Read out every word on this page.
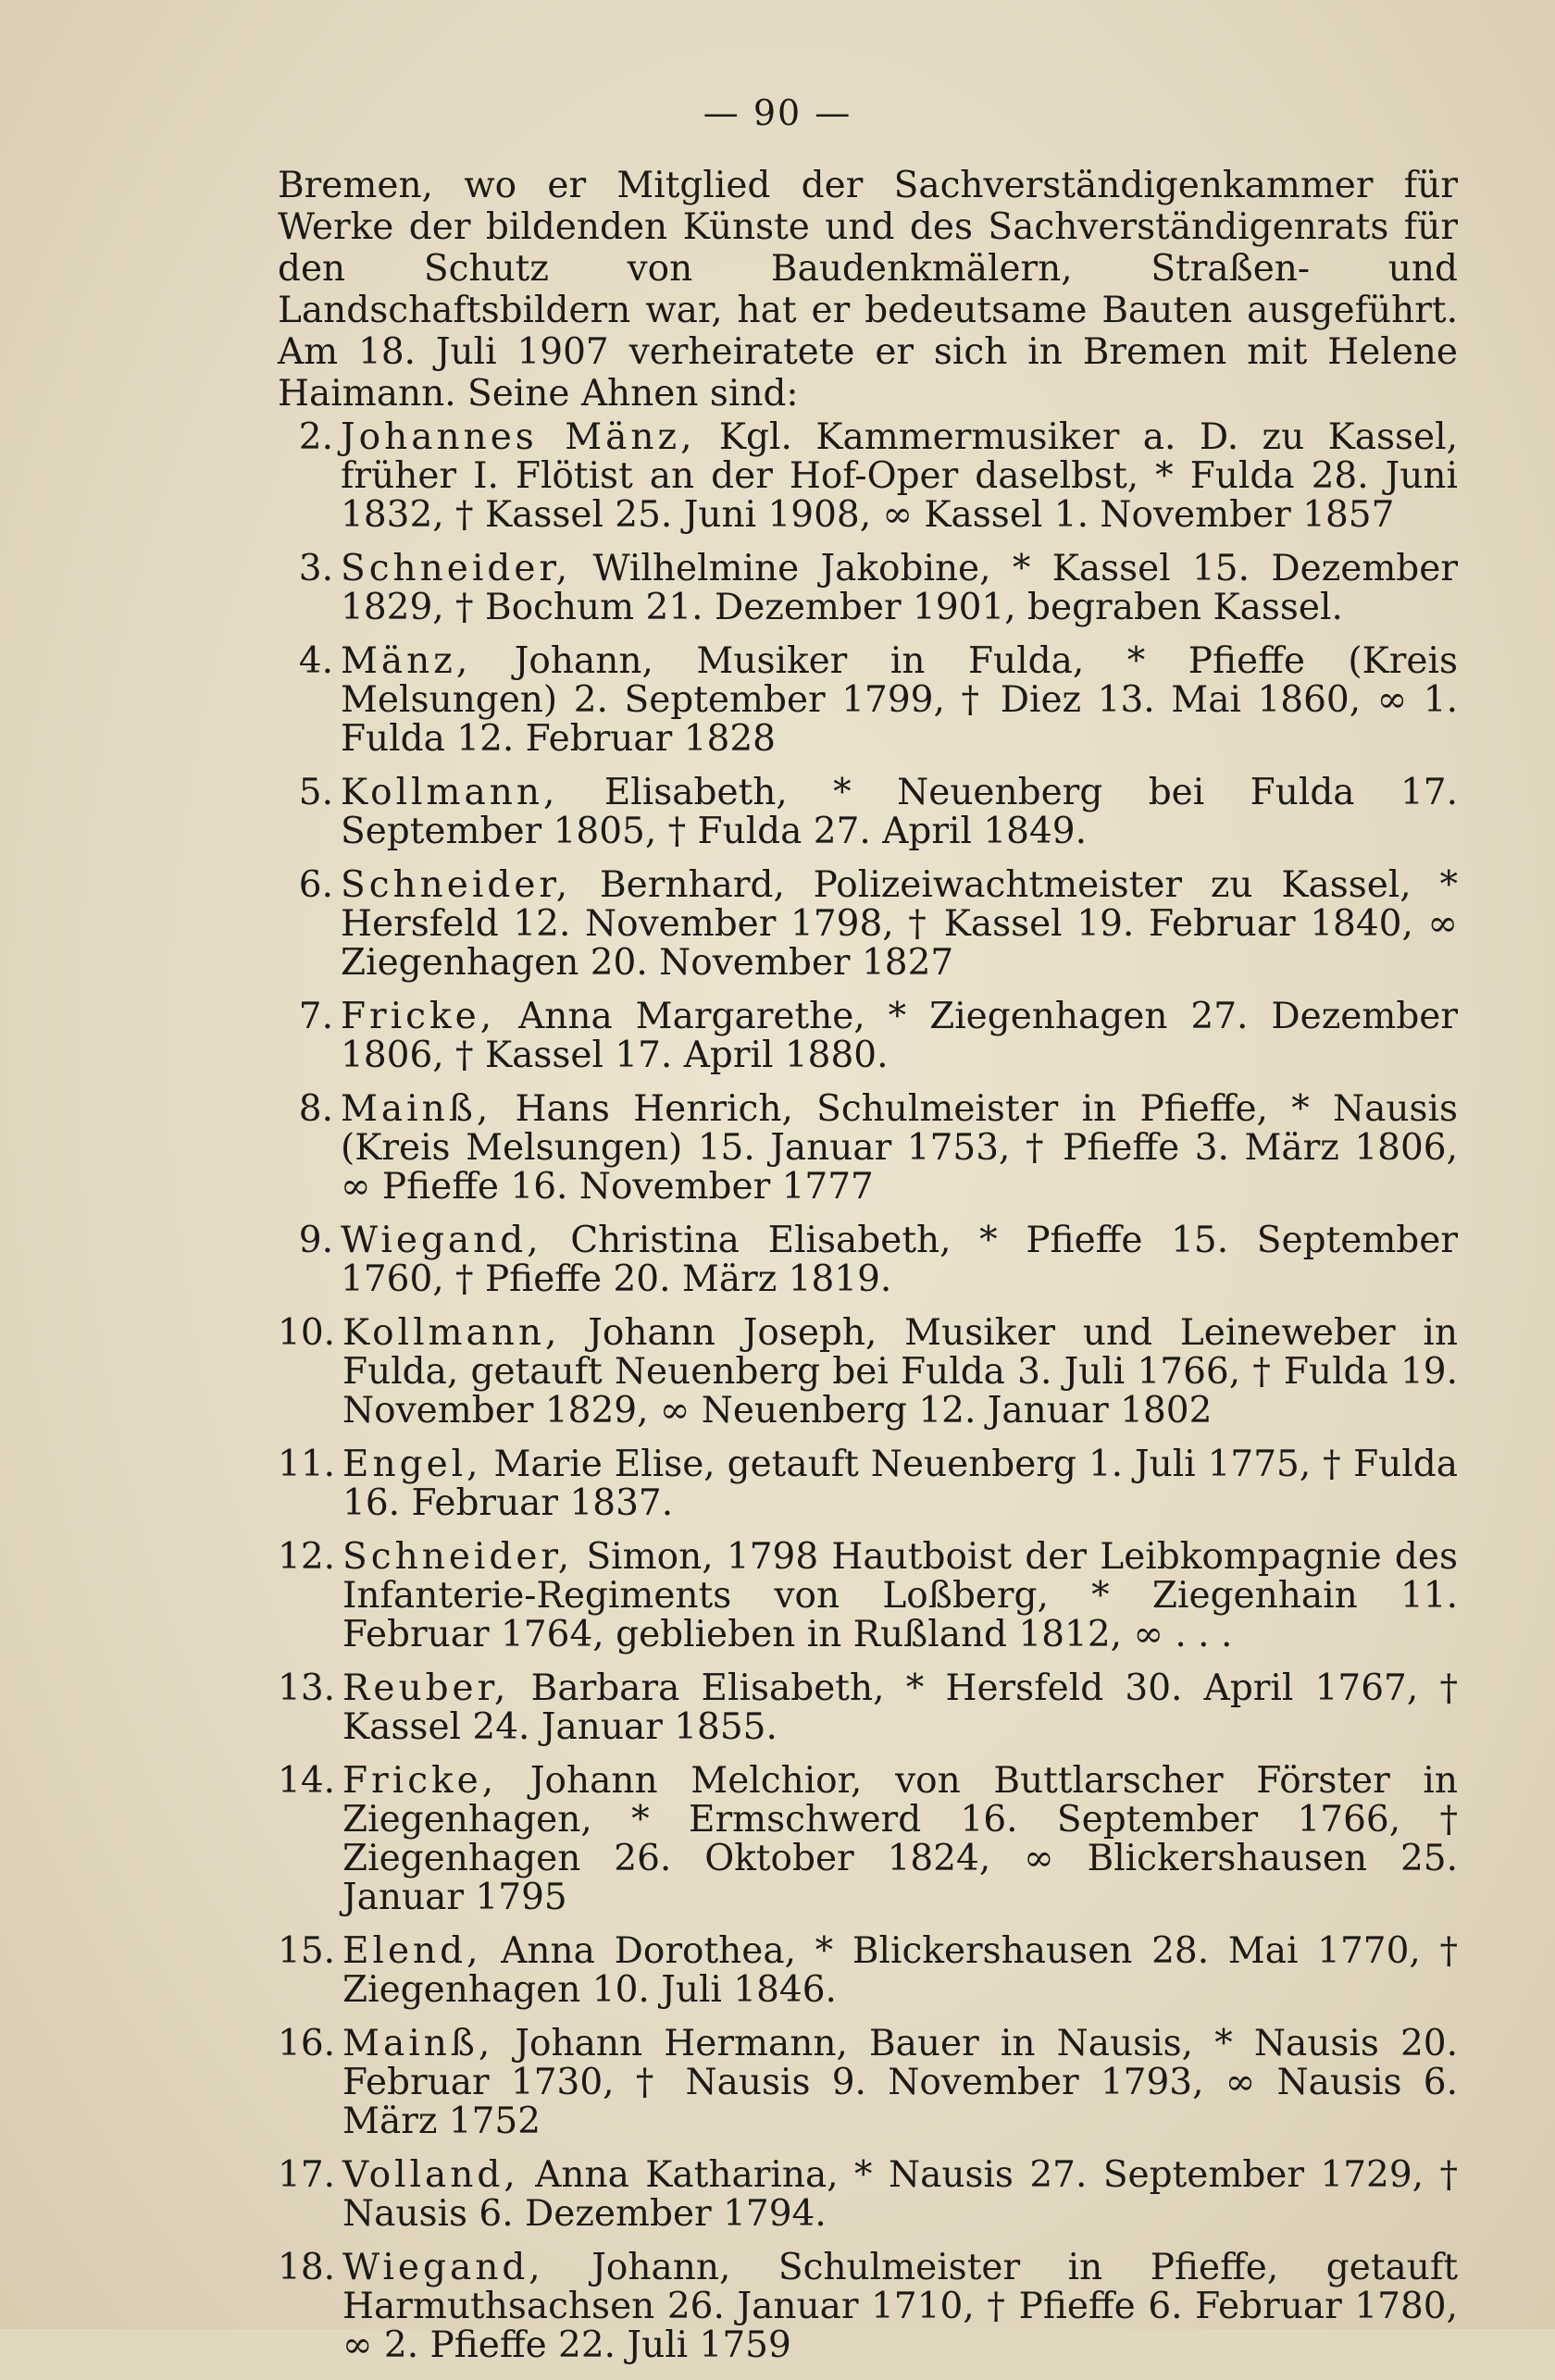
— 90 —

Bremen, wo er Mitglied der Sachverständigenkammer für Werke der bildenden Künste und des Sachverständigenrats für den Schutz von Baudenkmälern, Straßen- und Landschaftsbildern war, hat er bedeutsame Bauten ausgeführt. Am 18. Juli 1907 verheiratete er sich in Bremen mit Helene Haimann. Seine Ahnen sind:

2. Johannes Mänz, Kgl. Kammermusiker a. D. zu Kassel, früher I. Flötist an der Hof-Oper daselbst, * Fulda 28. Juni 1832, † Kassel 25. Juni 1908, ∞ Kassel 1. November 1857
3. Schneider, Wilhelmine Jakobine, * Kassel 15. Dezember 1829, † Bochum 21. Dezember 1901, begraben Kassel.
4. Mänz, Johann, Musiker in Fulda, * Pfieffe (Kreis Melsungen) 2. September 1799, † Diez 13. Mai 1860, ∞ 1. Fulda 12. Februar 1828
5. Kollmann, Elisabeth, * Neuenberg bei Fulda 17. September 1805, † Fulda 27. April 1849.
6. Schneider, Bernhard, Polizeiwachtmeister zu Kassel, * Hersfeld 12. November 1798, † Kassel 19. Februar 1840, ∞ Ziegenhagen 20. November 1827
7. Fricke, Anna Margarethe, * Ziegenhagen 27. Dezember 1806, † Kassel 17. April 1880.
8. Mainß, Hans Henrich, Schulmeister in Pfieffe, * Nausis (Kreis Melsungen) 15. Januar 1753, † Pfieffe 3. März 1806, ∞ Pfieffe 16. November 1777
9. Wiegand, Christina Elisabeth, * Pfieffe 15. September 1760, † Pfieffe 20. März 1819.
10. Kollmann, Johann Joseph, Musiker und Leineweber in Fulda, getauft Neuenberg bei Fulda 3. Juli 1766, † Fulda 19. November 1829, ∞ Neuenberg 12. Januar 1802
11. Engel, Marie Elise, getauft Neuenberg 1. Juli 1775, † Fulda 16. Februar 1837.
12. Schneider, Simon, 1798 Hautboist der Leibkompagnie des Infanterie-Regiments von Loßberg, * Ziegenhain 11. Februar 1764, geblieben in Rußland 1812, ∞ . . .
13. Reuber, Barbara Elisabeth, * Hersfeld 30. April 1767, † Kassel 24. Januar 1855.
14. Fricke, Johann Melchior, von Buttlarscher Förster in Ziegenhagen, * Ermschwerd 16. September 1766, † Ziegenhagen 26. Oktober 1824, ∞ Blickershausen 25. Januar 1795
15. Elend, Anna Dorothea, * Blickershausen 28. Mai 1770, † Ziegenhagen 10. Juli 1846.
16. Mainß, Johann Hermann, Bauer in Nausis, * Nausis 20. Februar 1730, † Nausis 9. November 1793, ∞ Nausis 6. März 1752
17. Volland, Anna Katharina, * Nausis 27. September 1729, † Nausis 6. Dezember 1794.
18. Wiegand, Johann, Schulmeister in Pfieffe, getauft Harmuthsachsen 26. Januar 1710, † Pfieffe 6. Februar 1780, ∞ 2. Pfieffe 22. Juli 1759
